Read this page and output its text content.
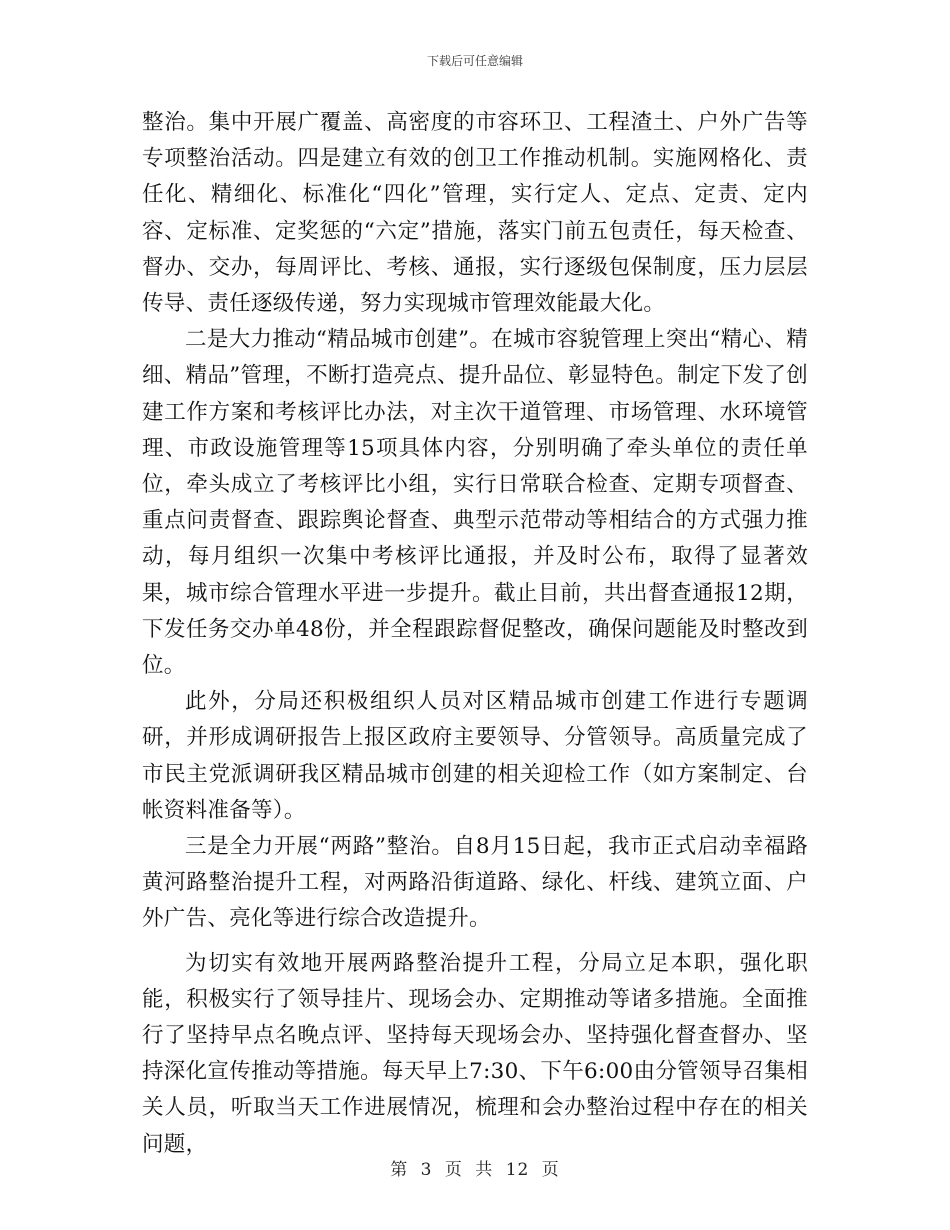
下载后可任意编辑

整治。集中开展广覆盖、高密度的市容环卫、工程渣土、户外广告等专项整治活动。四是建立有效的创卫工作推动机制。实施网格化、责任化、精细化、标准化“四化”管理，实行定人、定点、定责、定内容、定标准、定奖惩的“六定”措施，落实门前五包责任，每天检查、督办、交办，每周评比、考核、通报，实行逐级包保制度，压力层层传导、责任逐级传递，努力实现城市管理效能最大化。

二是大力推动“精品城市创建”。在城市容貌管理上突出“精心、精细、精品”管理，不断打造亮点、提升品位、彰显特色。制定下发了创建工作方案和考核评比办法，对主次干道管理、市场管理、水环境管理、市政设施管理等15项具体内容，分别明确了牵头单位的责任单位，牵头成立了考核评比小组，实行日常联合检查、定期专项督查、重点问责督查、跟踪舆论督查、典型示范带动等相结合的方式强力推动，每月组织一次集中考核评比通报，并及时公布，取得了显著效果，城市综合管理水平进一步提升。截止目前，共出督查通报12期，下发任务交办单48份，并全程跟踪督促整改，确保问题能及时整改到位。

此外，分局还积极组织人员对区精品城市创建工作进行专题调研，并形成调研报告上报区政府主要领导、分管领导。高质量完成了市民主党派调研我区精品城市创建的相关迎检工作（如方案制定、台帐资料准备等）。

三是全力开展“两路”整治。自8月15日起，我市正式启动幸福路黄河路整治提升工程，对两路沿街道路、绿化、杆线、建筑立面、户外广告、亮化等进行综合改造提升。

为切实有效地开展两路整治提升工程，分局立足本职，强化职能，积极实行了领导挂片、现场会办、定期推动等诸多措施。全面推行了坚持早点名晚点评、坚持每天现场会办、坚持强化督查督办、坚持深化宣传推动等措施。每天早上7:30、下午6:00由分管领导召集相关人员，听取当天工作进展情况，梳理和会办整治过程中存在的相关问题，

第 3 页 共 12 页
